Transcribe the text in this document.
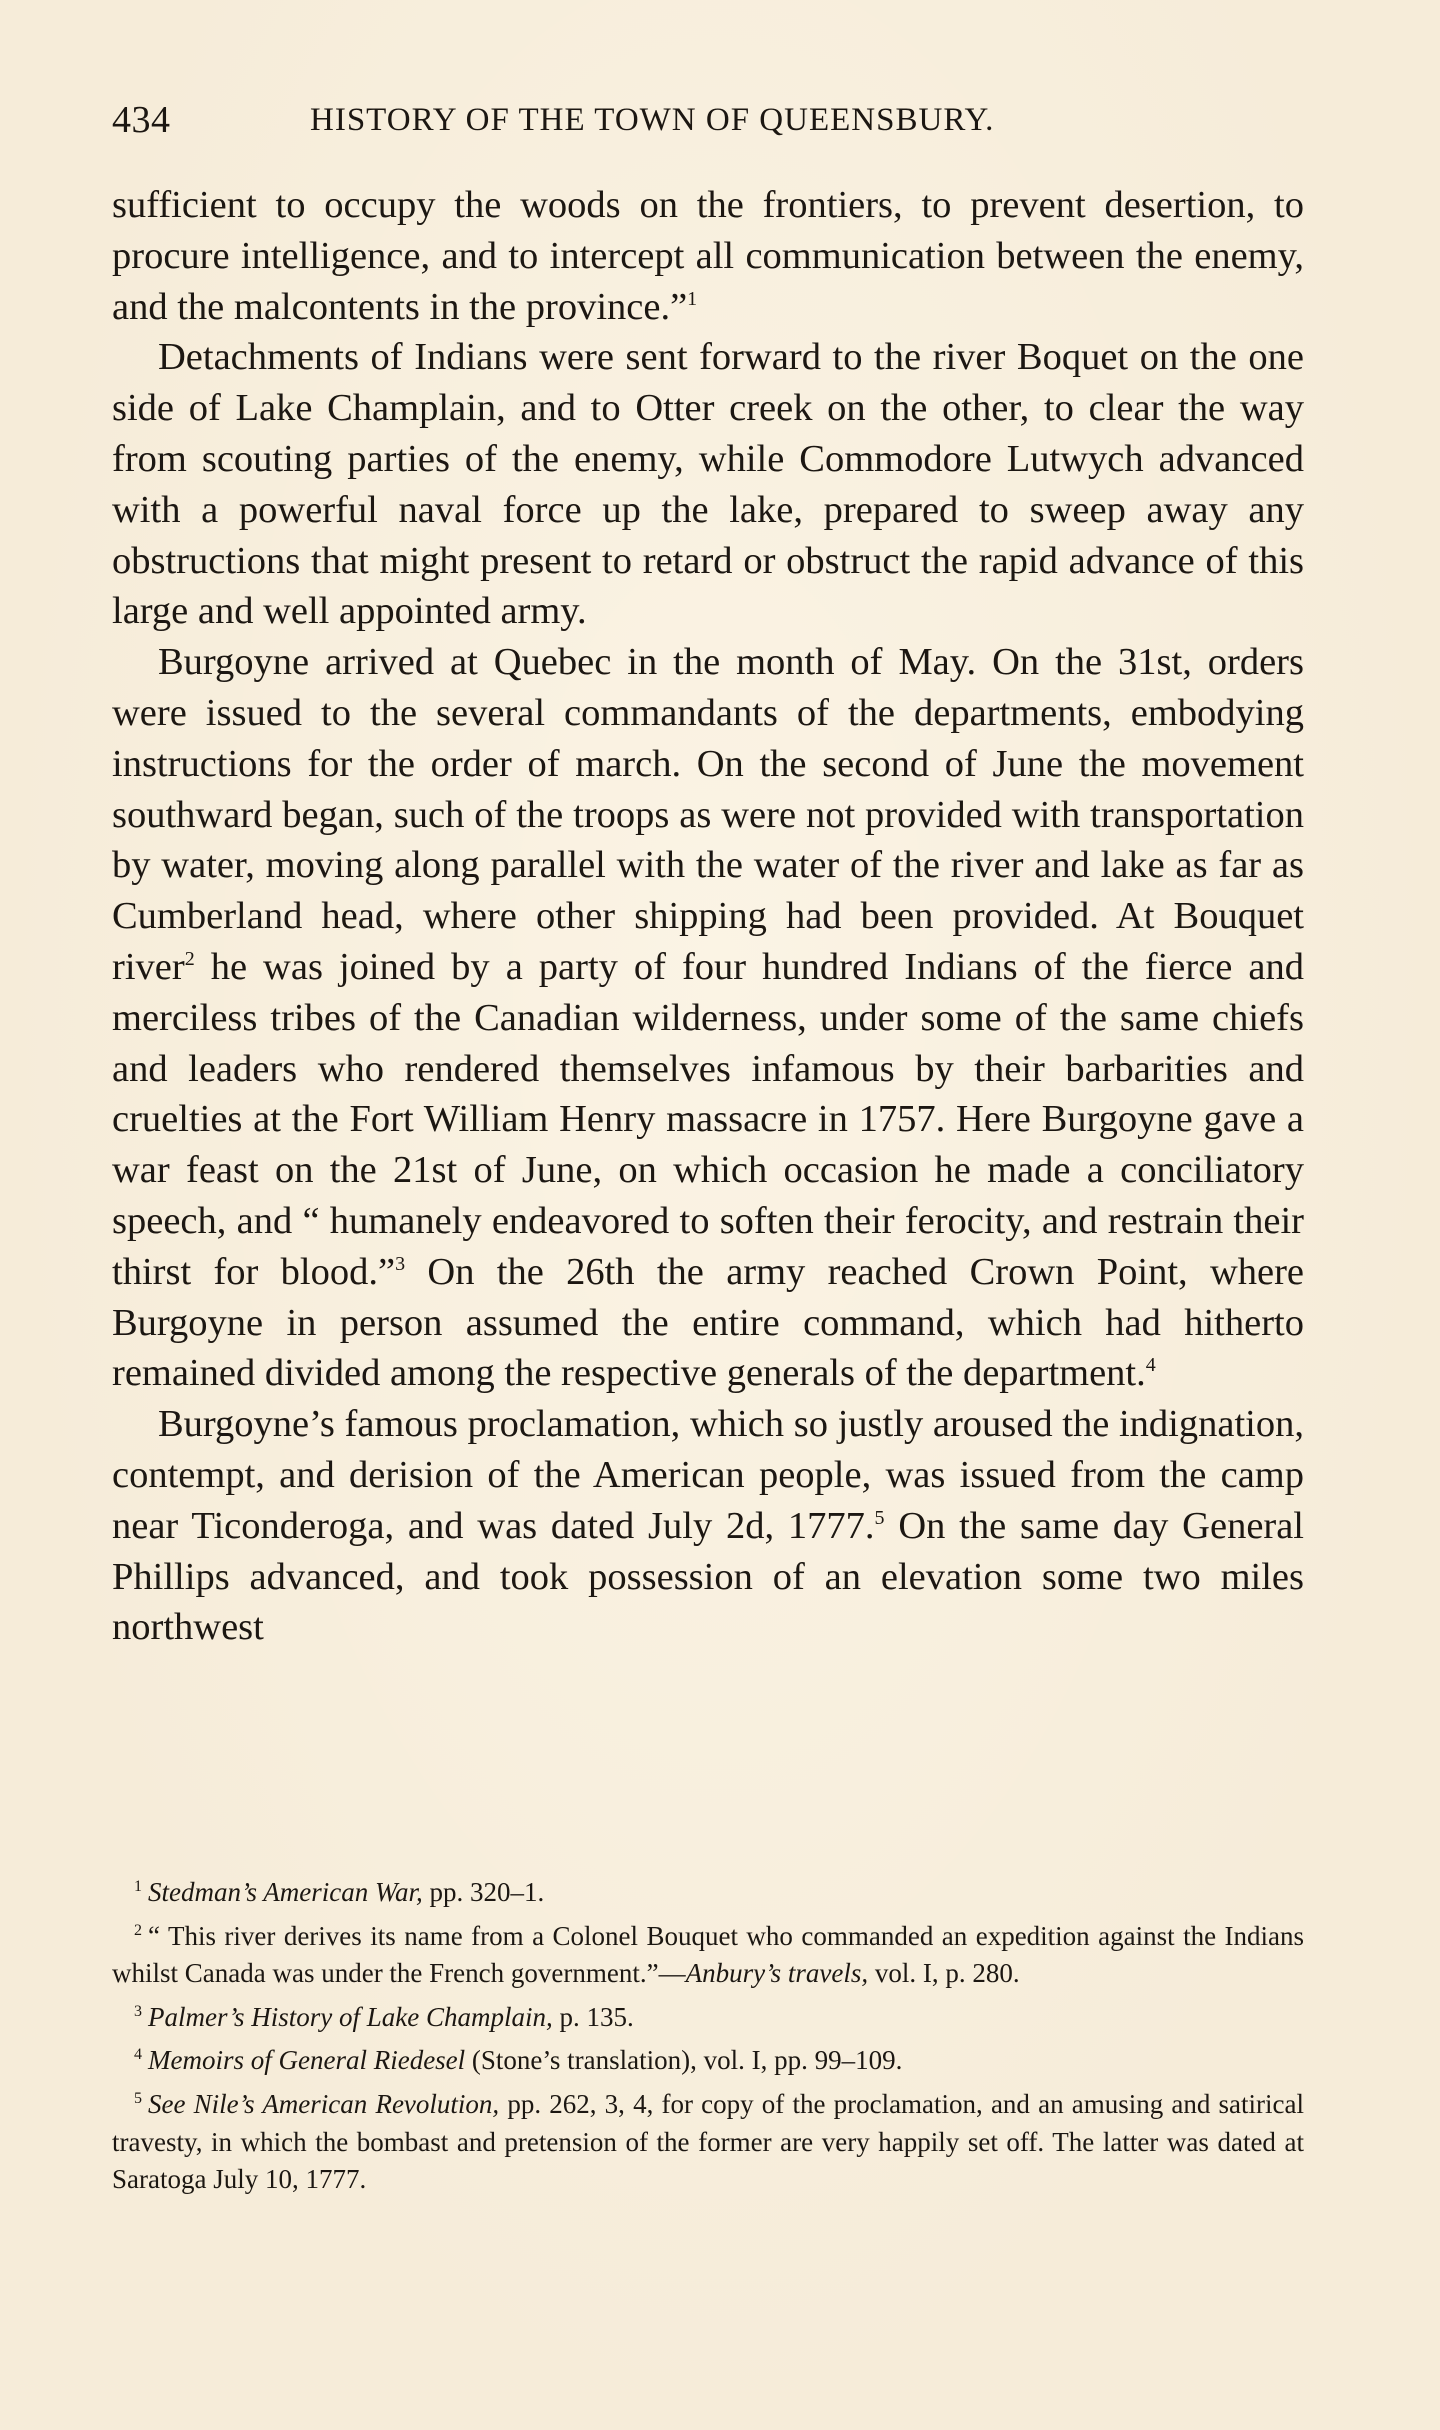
434	HISTORY OF THE TOWN OF QUEENSBURY.

sufficient to occupy the woods on the frontiers, to prevent desertion, to procure intelligence, and to intercept all communication between the enemy, and the malcontents in the province.”$^1$

Detachments of Indians were sent forward to the river Boquet on the one side of Lake Champlain, and to Otter creek on the other, to clear the way from scouting parties of the enemy, while Commodore Lutwych advanced with a powerful naval force up the lake, prepared to sweep away any obstructions that might present to retard or obstruct the rapid advance of this large and well appointed army.

Burgoyne arrived at Quebec in the month of May. On the 31st, orders were issued to the several commandants of the departments, embodying instructions for the order of march. On the second of June the movement southward began, such of the troops as were not provided with transportation by water, moving along parallel with the water of the river and lake as far as Cumberland head, where other shipping had been provided. At Bouquet river$^2$ he was joined by a party of four hundred Indians of the fierce and merciless tribes of the Canadian wilderness, under some of the same chiefs and leaders who rendered themselves infamous by their barbarities and cruelties at the Fort William Henry massacre in 1757. Here Burgoyne gave a war feast on the 21st of June, on which occasion he made a conciliatory speech, and “ humanely endeavored to soften their ferocity, and restrain their thirst for blood.”$^3$ On the 26th the army reached Crown Point, where Burgoyne in person assumed the entire command, which had hitherto remained divided among the respective generals of the department.$^4$

Burgoyne’s famous proclamation, which so justly aroused the indignation, contempt, and derision of the American people, was issued from the camp near Ticonderoga, and was dated July 2d, 1777.$^5$ On the same day General Phillips advanced, and took possession of an elevation some two miles northwest

$^1$ Stedman’s American War, pp. 320–1.

$^2$ “ This river derives its name from a Colonel Bouquet who commanded an expedition against the Indians whilst Canada was under the French government.”—Anbury’s travels, vol. I, p. 280.

$^3$ Palmer’s History of Lake Champlain, p. 135.

$^4$ Memoirs of General Riedesel (Stone’s translation), vol. I, pp. 99–109.

$^5$ See Nile’s American Revolution, pp. 262, 3, 4, for copy of the proclamation, and an amusing and satirical travesty, in which the bombast and pretension of the former are very happily set off. The latter was dated at Saratoga July 10, 1777.
